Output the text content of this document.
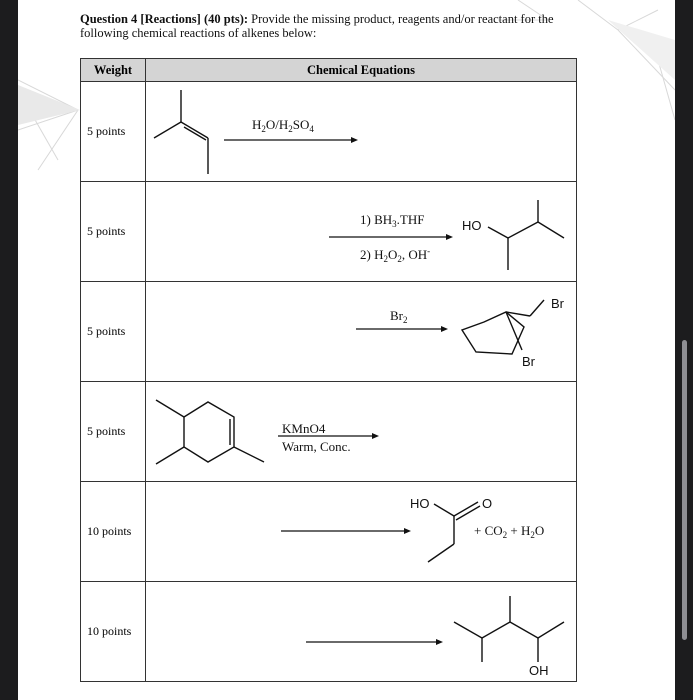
Question 4 [Reactions] (40 pts): Provide the missing product, reagents and/or reactant for the following chemical reactions of alkenes below:
Weight	Chemical Equations
5 points	$H_2O/H_2SO_4$

5 points	1) $BH_3.THF$
2) $H_2O_2$, OH-
HO

5 points	$Br_2$
Br
Br

5 points	KMnO4
Warm, Conc.

10 points	HO O
+ $CO_2 + H_2O$

10 points	OH
